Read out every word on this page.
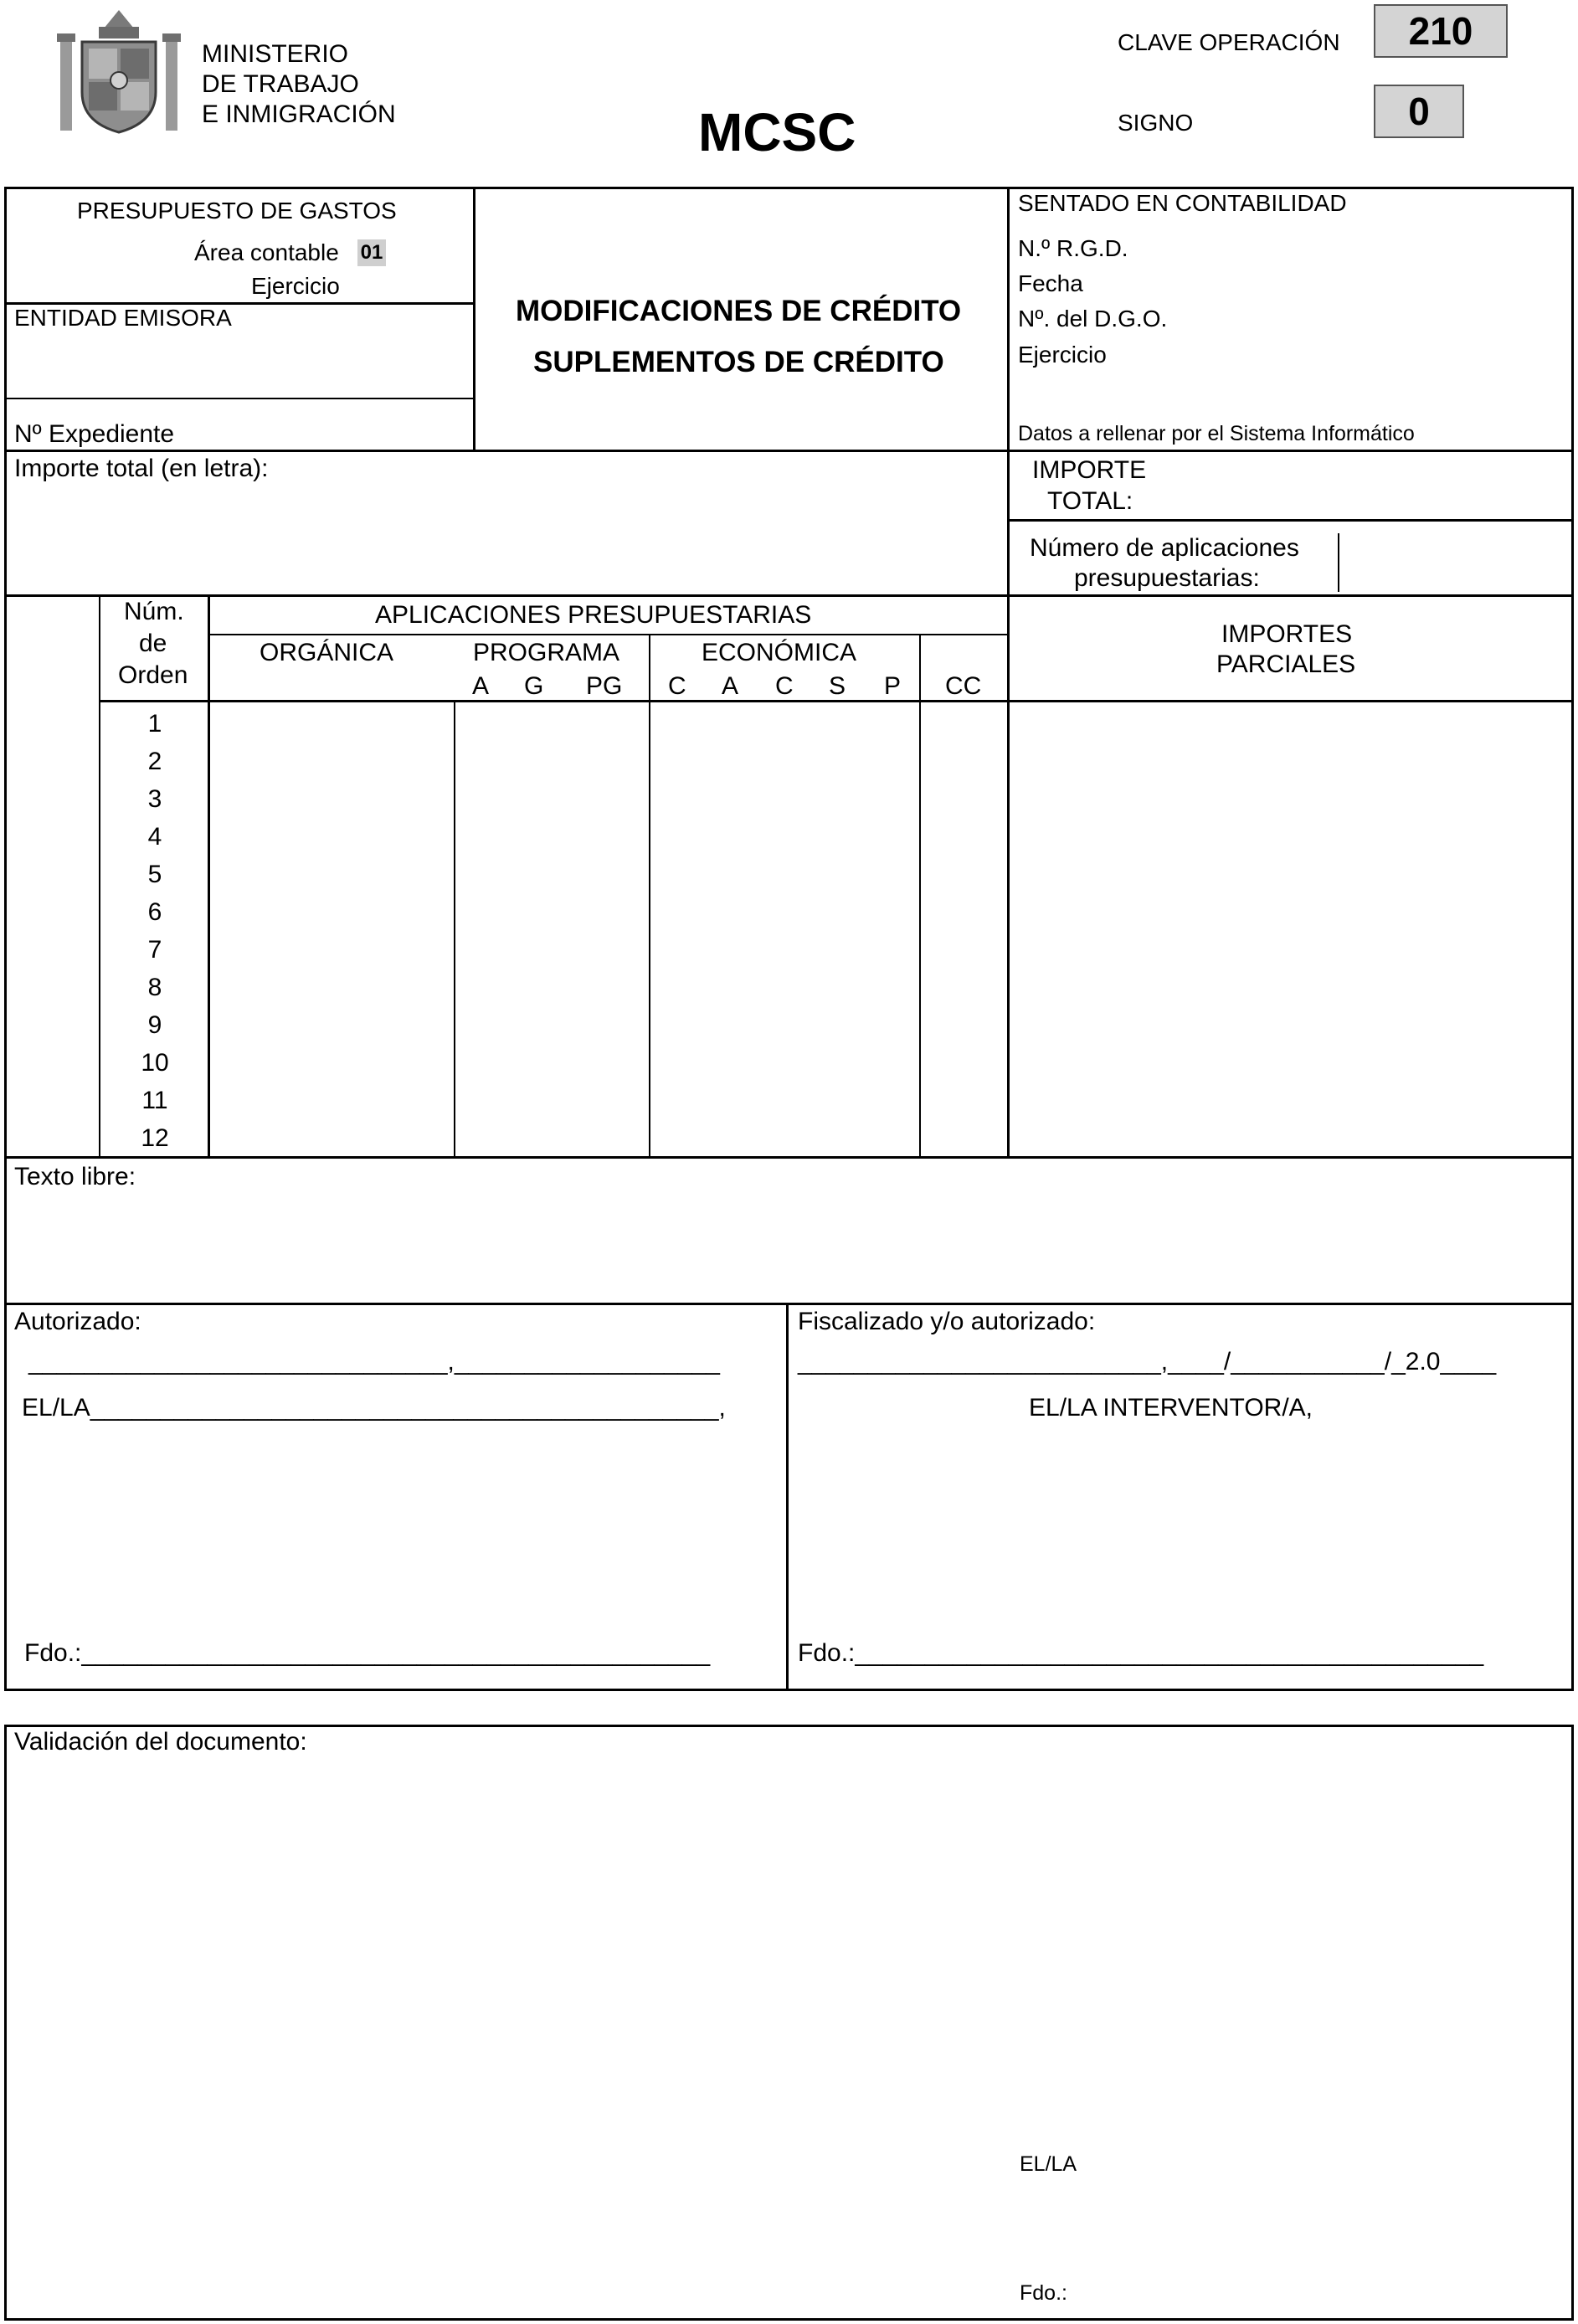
MINISTERIO
DE TRABAJO
E INMIGRACIÓN	MCSC
CLAVE OPERACIÓN	210
SIGNO	0
PRESUPUESTO DE GASTOS
Área contable 01
Ejercicio
ENTIDAD EMISORA
Nº Expediente
MODIFICACIONES DE CRÉDITO
SUPLEMENTOS DE CRÉDITO
SENTADO EN CONTABILIDAD
N.º R.G.D.
Fecha
Nº. del D.G.O.
Ejercicio
Datos a rellenar por el Sistema Informático
Importe total (en letra):	IMPORTE
TOTAL:
Número de aplicaciones
presupuestarias:
Núm.
de
Orden
APLICACIONES PRESUPUESTARIAS
ORGÁNICA	PROGRAMA	ECONÓMICA
A G PG C A C S P CC
IMPORTES
PARCIALES
1
2
3
4
5
6
7
8
9
10
11
12
Texto libre:
Autorizado:
______________________________,___________________
EL/LA_____________________________________________,
Fdo.:_____________________________________________
Fiscalizado y/o autorizado:
__________________________,____/___________/_2.0____
EL/LA INTERVENTOR/A,
Fdo.:_____________________________________________
Validación del documento:
EL/LA
Fdo.:
